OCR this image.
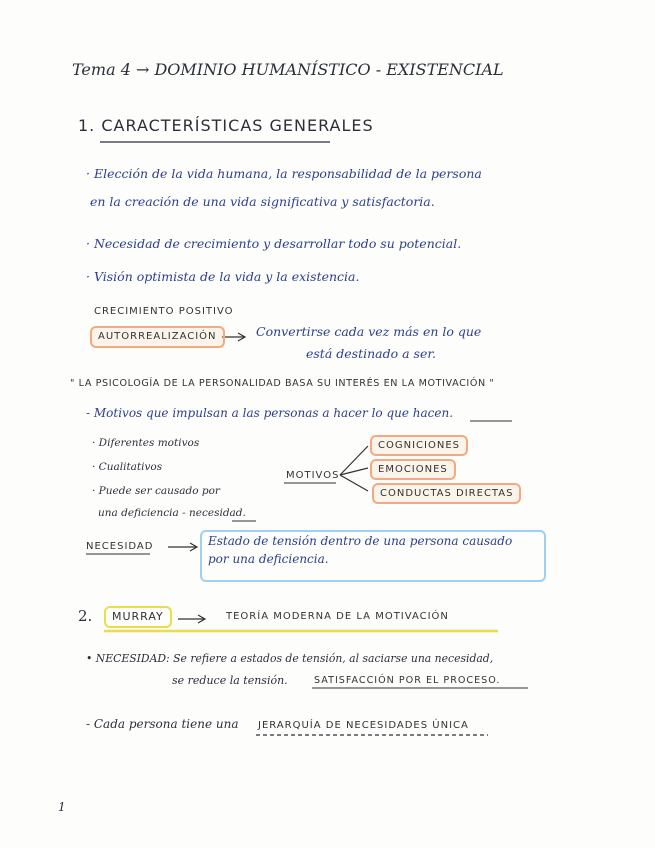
Tema 4 → DOMINIO HUMANÍSTICO - EXISTENCIAL
1. CARACTERÍSTICAS GENERALES
· Elección de la vida humana, la responsabilidad de la persona
en la creación de una vida significativa y satisfactoria.
· Necesidad de crecimiento y desarrollar todo su potencial.
· Visión optimista de la vida y la existencia.
CRECIMIENTO POSITIVO
AUTORREALIZACIÓN	Convertirse cada vez más en lo que
está destinado a ser.
" LA PSICOLOGÍA DE LA PERSONALIDAD BASA SU INTERÉS EN LA MOTIVACIÓN "
- Motivos que impulsan a las personas a hacer lo que hacen.
· Diferentes motivos
· Cualitativos
· Puede ser causado por
una deficiencia - necesidad.
MOTIVOS
COGNICIONES
EMOCIONES
CONDUCTAS DIRECTAS
NECESIDAD	Estado de tensión dentro de una persona causado
por una deficiencia.
2.	MURRAY	TEORÍA MODERNA DE LA MOTIVACIÓN
• NECESIDAD: Se refiere a estados de tensión, al saciarse una necesidad,
se reduce la tensión.	SATISFACCIÓN POR EL PROCESO.
- Cada persona tiene una JERARQUÍA DE NECESIDADES ÚNICA
1
